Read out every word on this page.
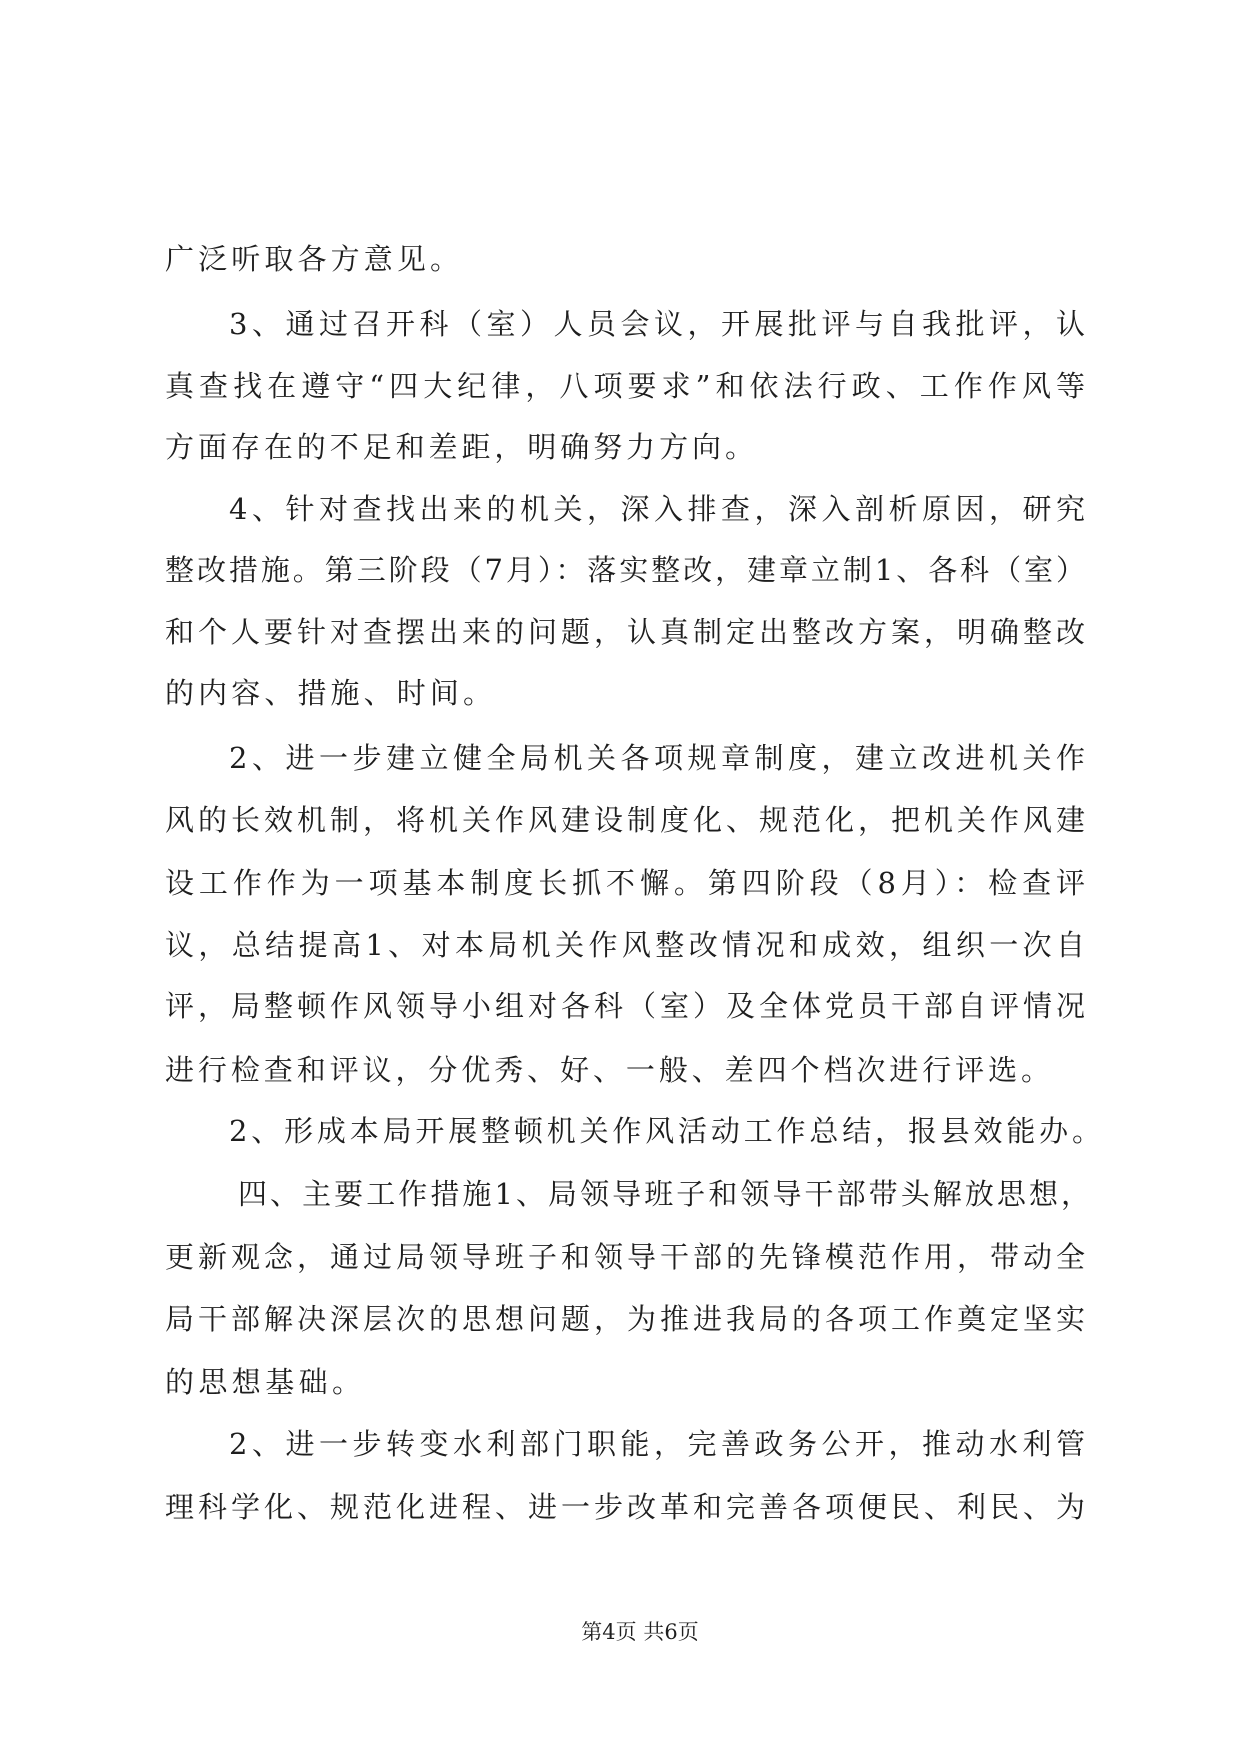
广泛听取各方意见。
3、通过召开科（室）人员会议，开展批评与自我批评，认
真查找在遵守“四大纪律，八项要求”和依法行政、工作作风等
方面存在的不足和差距，明确努力方向。
4、针对查找出来的机关，深入排查，深入剖析原因，研究
整改措施。第三阶段（7月）：落实整改，建章立制1、各科（室）
和个人要针对查摆出来的问题，认真制定出整改方案，明确整改
的内容、措施、时间。
2、进一步建立健全局机关各项规章制度，建立改进机关作
风的长效机制，将机关作风建设制度化、规范化，把机关作风建
设工作作为一项基本制度长抓不懈。第四阶段（8月）：检查评
议，总结提高1、对本局机关作风整改情况和成效，组织一次自
评，局整顿作风领导小组对各科（室）及全体党员干部自评情况
进行检查和评议，分优秀、好、一般、差四个档次进行评选。
2、形成本局开展整顿机关作风活动工作总结，报县效能办。
四、主要工作措施1、局领导班子和领导干部带头解放思想，
更新观念，通过局领导班子和领导干部的先锋模范作用，带动全
局干部解决深层次的思想问题，为推进我局的各项工作奠定坚实
的思想基础。
2、进一步转变水利部门职能，完善政务公开，推动水利管
理科学化、规范化进程、进一步改革和完善各项便民、利民、为
第4页 共6页
